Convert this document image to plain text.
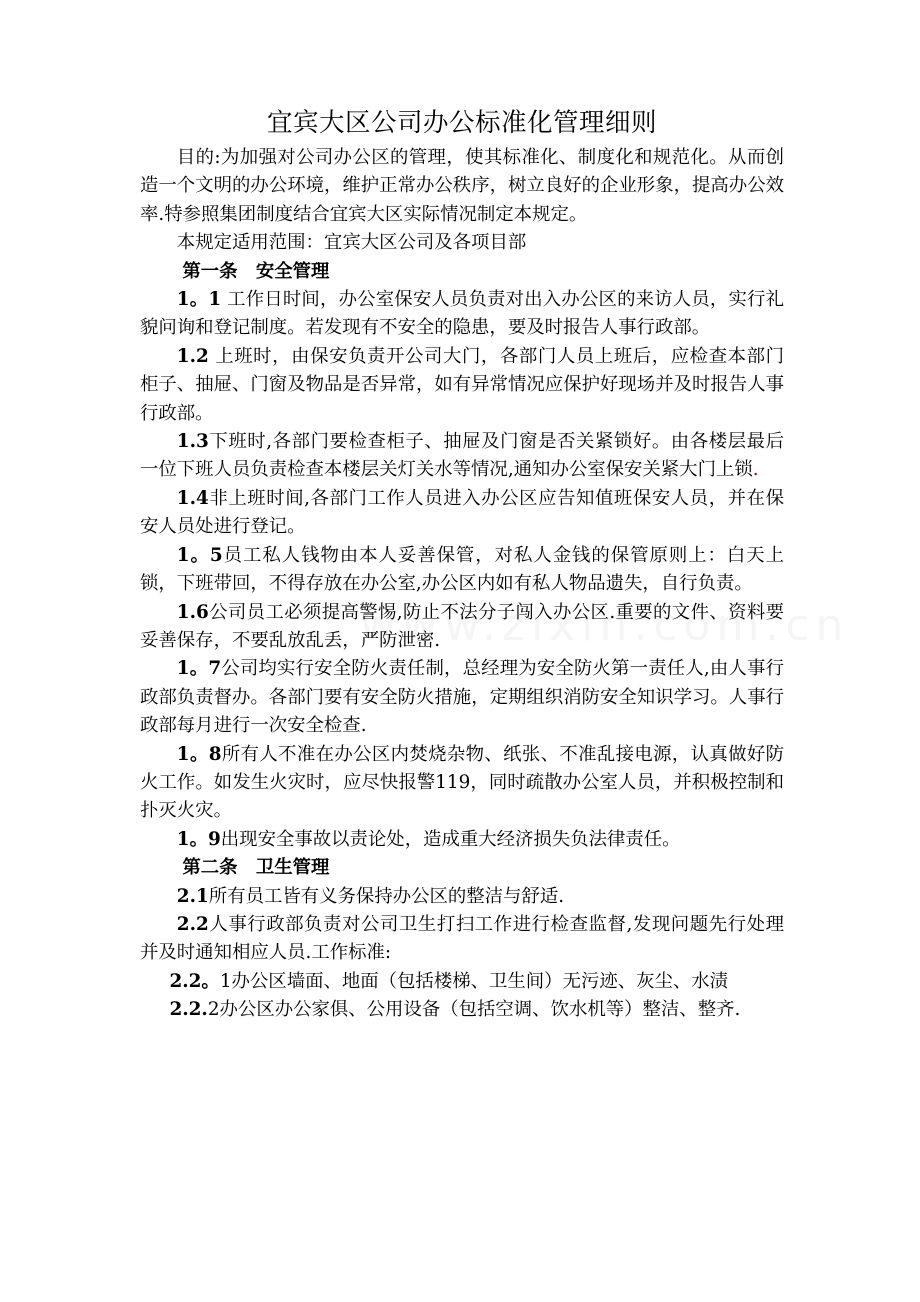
宜宾大区公司办公标准化管理细则

目的:为加强对公司办公区的管理，使其标准化、制度化和规范化。从而创造一个文明的办公环境，维护正常办公秩序，树立良好的企业形象，提高办公效率.特参照集团制度结合宜宾大区实际情况制定本规定。

本规定适用范围：宜宾大区公司及各项目部

第一条　安全管理

1。1 工作日时间，办公室保安人员负责对出入办公区的来访人员，实行礼貌问询和登记制度。若发现有不安全的隐患，要及时报告人事行政部。

1.2 上班时，由保安负责开公司大门，各部门人员上班后，应检查本部门柜子、抽屉、门窗及物品是否异常，如有异常情况应保护好现场并及时报告人事行政部。

1.3下班时,各部门要检查柜子、抽屉及门窗是否关紧锁好。由各楼层最后一位下班人员负责检查本楼层关灯关水等情况,通知办公室保安关紧大门上锁.

1.4非上班时间,各部门工作人员进入办公区应告知值班保安人员，并在保安人员处进行登记。

1。5员工私人钱物由本人妥善保管，对私人金钱的保管原则上：白天上锁，下班带回，不得存放在办公室,办公区内如有私人物品遗失，自行负责。

1.6公司员工必须提高警惕,防止不法分子闯入办公区.重要的文件、资料要妥善保存，不要乱放乱丢，严防泄密.

1。7公司均实行安全防火责任制，总经理为安全防火第一责任人,由人事行政部负责督办。各部门要有安全防火措施，定期组织消防安全知识学习。人事行政部每月进行一次安全检查.

1。8所有人不准在办公区内焚烧杂物、纸张、不准乱接电源，认真做好防火工作。如发生火灾时，应尽快报警119，同时疏散办公室人员，并积极控制和扑灭火灾。

1。9出现安全事故以责论处，造成重大经济损失负法律责任。

第二条　卫生管理

2.1所有员工皆有义务保持办公区的整洁与舒适.

2.2人事行政部负责对公司卫生打扫工作进行检查监督,发现问题先行处理并及时通知相应人员.工作标准:

2.2。1办公区墙面、地面（包括楼梯、卫生间）无污迹、灰尘、水渍

2.2.2办公区办公家俱、公用设备（包括空调、饮水机等）整洁、整齐.
